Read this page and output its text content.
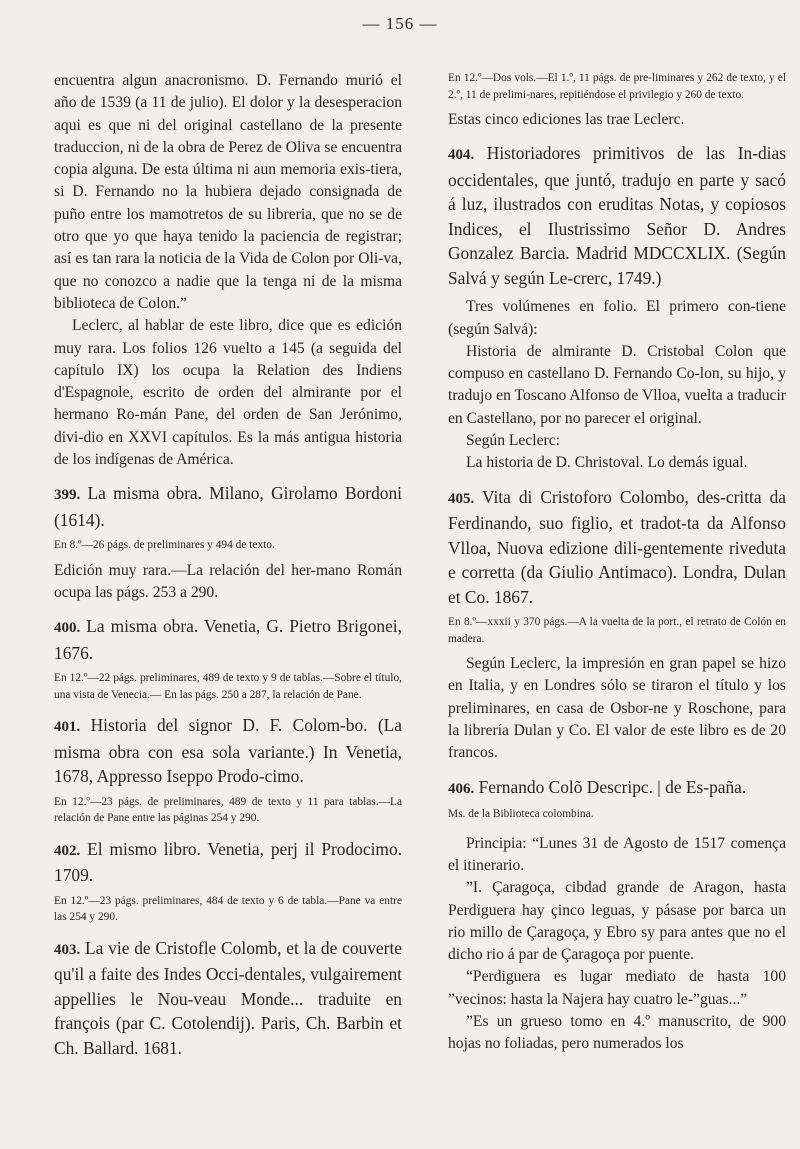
— 156 —

encuentra algun anacronismo. D. Fernando murió el año de 1539 (a 11 de julio). El dolor y la desesperacion aqui es que ni del original castellano de la presente traduccion, ni de la obra de Perez de Oliva se encuentra copia alguna. De esta última ni aun memoria exis-tiera, si D. Fernando no la hubiera dejado consignada de puño entre los mamotretos de su libreria, que no se de otro que yo que haya tenido la paciencia de registrar; así es tan rara la noticia de la Vida de Colon por Oli-va, que no conozco a nadie que la tenga ni de la misma biblioteca de Colon.”

Leclerc, al hablar de este libro, dice que es edición muy rara. Los folios 126 vuelto a 145 (a seguida del capítulo IX) los ocupa la Relation des Indiens d'Espagnole, escrito de orden del almirante por el hermano Ro-mán Pane, del orden de San Jerónimo, divi-dio en XXVI capítulos. Es la más antigua historia de los indígenas de América.

399. La misma obra. Milano, Girolamo Bordoni (1614).

En 8.º—26 págs. de preliminares y 494 de texto.

Edición muy rara.—La relación del her-mano Román ocupa las págs. 253 a 290.

400. La misma obra. Venetia, G. Pietro Brigonei, 1676.

En 12.º—22 págs. preliminares, 489 de texto y 9 de tablas.—Sobre el título, una vista de Venecia.— En las págs. 250 a 287, la relación de Pane.

401. Historia del signor D. F. Colom-bo. (La misma obra con esa sola variante.) In Venetia, 1678, Appresso Iseppo Prodo-cimo.

En 12.º—23 págs. de preliminares, 489 de texto y 11 para tablas.—La relación de Pane entre las páginas 254 y 290.

402. El mismo libro. Venetia, perj il Prodocimo. 1709.

En 12.º—23 págs. preliminares, 484 de texto y 6 de tabla.—Pane va entre las 254 y 290.

403. La vie de Cristofle Colomb, et la de couverte qu'il a faite des Indes Occi-dentales, vulgairement appellies le Nou-veau Monde... traduite en françois (par C. Cotolendij). Paris, Ch. Barbin et Ch. Ballard. 1681.

En 12.º—Dos vols.—El 1.º, 11 págs. de pre-liminares y 262 de texto, y el 2.º, 11 de prelimi-nares, repitiéndose el privilegio y 260 de texto.

Estas cinco ediciones las trae Leclerc.

404. Historiadores primitivos de las In-dias occidentales, que juntó, tradujo en parte y sacó á luz, ilustrados con eruditas Notas, y copiosos Indices, el Ilustrissimo Señor D. Andres Gonzalez Barcia. Madrid MDCCXLIX. (Según Salvá y según Le-crerc, 1749.)

Tres volúmenes en folio. El primero con-tiene (según Salvá):

Historia de almirante D. Cristobal Colon que compuso en castellano D. Fernando Co-lon, su hijo, y tradujo en Toscano Alfonso de Vlloa, vuelta a traducir en Castellano, por no parecer el original.

Según Leclerc:

La historia de D. Christoval. Lo demás igual.

405. Vita di Cristoforo Colombo, des-critta da Ferdinando, suo figlio, et tradot-ta da Alfonso Vlloa, Nuova edizione dili-gentemente riveduta e corretta (da Giulio Antimaco). Londra, Dulan et Co. 1867.

En 8.º—xxxii y 370 págs.—A la vuelta de la port., el retrato de Colón en madera.

Según Leclerc, la impresión en gran papel se hizo en Italia, y en Londres sólo se tiraron el título y los preliminares, en casa de Osbor-ne y Roschone, para la librería Dulan y Co. El valor de este libro es de 20 francos.

406. Fernando Colõ Descripc. | de Es-paña.

Ms. de la Biblioteca colombina.

Principia: “Lunes 31 de Agosto de 1517 començа el itinerario.

”I. Çaragoça, cibdad grande de Aragon, hasta Perdiguera hay çinco leguas, y pásase por barca un rio millo de Çaragoça, y Ebro sy para antes que no el dicho rio á par de Çaragoça por puente.

“Perdiguera es lugar mediato de hasta 100 ”vecinos: hasta la Najera hay cuatro le-”guas...”

”Es un grueso tomo en 4.º manuscrito, de 900 hojas no foliadas, pero numerados los
